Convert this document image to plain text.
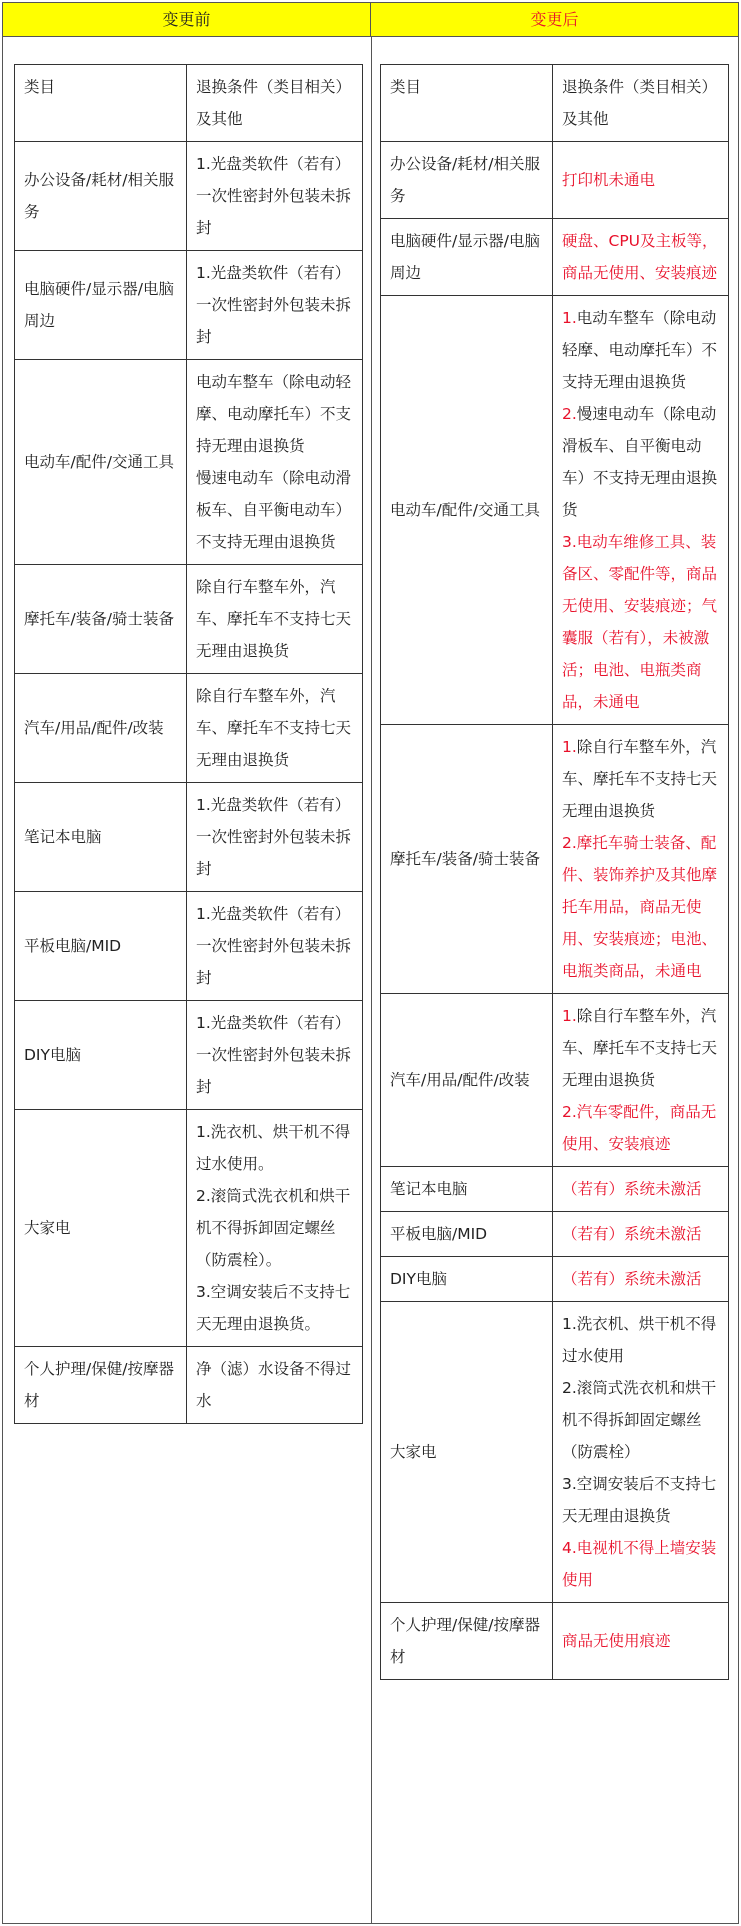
变更前	变更后
类目	退换条件（类目相关）及其他
办公设备/耗材/相关服务	1.光盘类软件（若有）一次性密封外包装未拆封

电脑硬件/显示器/电脑周边	1.光盘类软件（若有）一次性密封外包装未拆封

电动车/配件/交通工具	电动车整车（除电动轻摩、电动摩托车）不支持无理由退换货
慢速电动车（除电动滑板车、自平衡电动车）不支持无理由退换货

摩托车/装备/骑士装备	除自行车整车外，汽车、摩托车不支持七天无理由退换货

汽车/用品/配件/改装	除自行车整车外，汽车、摩托车不支持七天无理由退换货

笔记本电脑	1.光盘类软件（若有）一次性密封外包装未拆封

平板电脑/MID	1.光盘类软件（若有）一次性密封外包装未拆封

DIY电脑	1.光盘类软件（若有）一次性密封外包装未拆封

大家电	1.洗衣机、烘干机不得过水使用。
2.滚筒式洗衣机和烘干机不得拆卸固定螺丝（防震栓）。
3.空调安装后不支持七天无理由退换货。

个人护理/保健/按摩器材	净（滤）水设备不得过水
类目	退换条件（类目相关）及其他
办公设备/耗材/相关服务	打印机未通电

电脑硬件/显示器/电脑周边	硬盘、CPU及主板等，商品无使用、安装痕迹

电动车/配件/交通工具	1.电动车整车（除电动轻摩、电动摩托车）不支持无理由退换货
2.慢速电动车（除电动滑板车、自平衡电动车）不支持无理由退换货
3.电动车维修工具、装备区、零配件等，商品无使用、安装痕迹；气囊服（若有），未被激活；电池、电瓶类商品，未通电

摩托车/装备/骑士装备	1.除自行车整车外，汽车、摩托车不支持七天无理由退换货
2.摩托车骑士装备、配件、装饰养护及其他摩托车用品，商品无使用、安装痕迹；电池、电瓶类商品，未通电

汽车/用品/配件/改装	1.除自行车整车外，汽车、摩托车不支持七天无理由退换货
2.汽车零配件，商品无使用、安装痕迹

笔记本电脑	（若有）系统未激活

平板电脑/MID	（若有）系统未激活

DIY电脑	（若有）系统未激活

大家电	1.洗衣机、烘干机不得过水使用
2.滚筒式洗衣机和烘干机不得拆卸固定螺丝（防震栓）
3.空调安装后不支持七天无理由退换货
4.电视机不得上墙安装使用

个人护理/保健/按摩器材	商品无使用痕迹
